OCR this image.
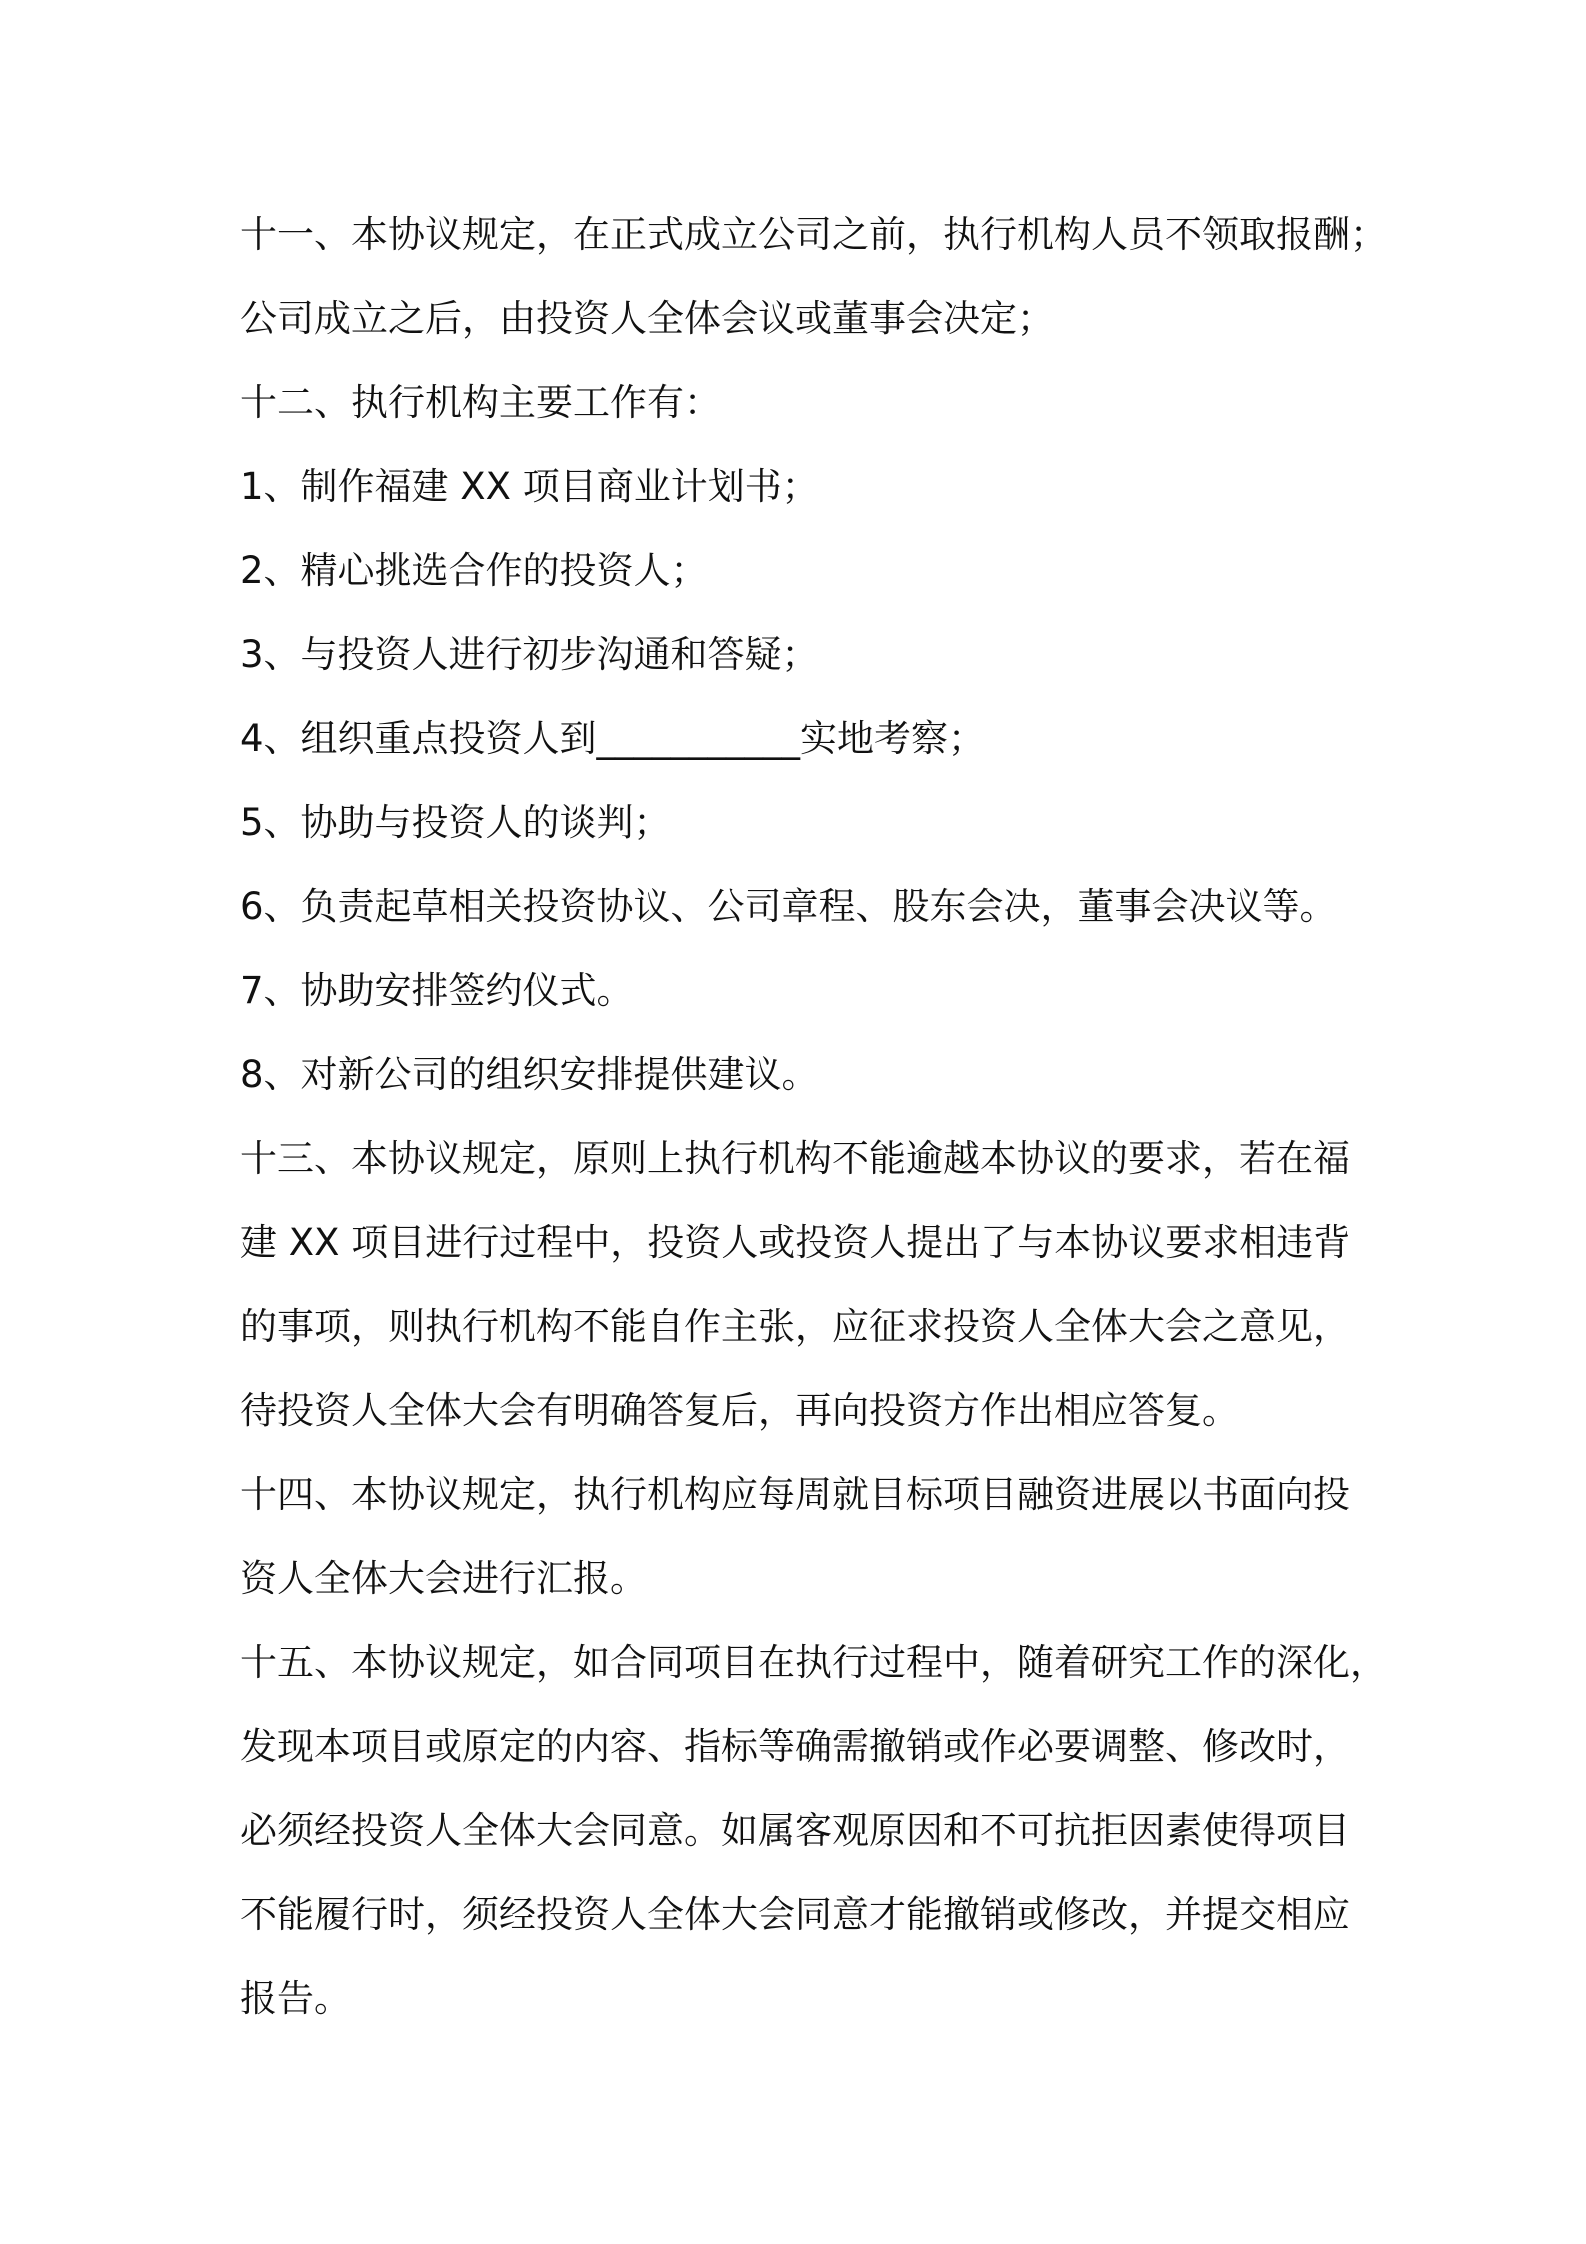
十一、本协议规定，在正式成立公司之前，执行机构人员不领取报酬；
公司成立之后，由投资人全体会议或董事会决定；
十二、执行机构主要工作有：
1、制作福建 XX 项目商业计划书；
2、精心挑选合作的投资人；
3、与投资人进行初步沟通和答疑；
4、组织重点投资人到___________实地考察；
5、协助与投资人的谈判；
6、负责起草相关投资协议、公司章程、股东会决，董事会决议等。
7、协助安排签约仪式。
8、对新公司的组织安排提供建议。
十三、本协议规定，原则上执行机构不能逾越本协议的要求，若在福
建 XX 项目进行过程中，投资人或投资人提出了与本协议要求相违背
的事项，则执行机构不能自作主张，应征求投资人全体大会之意见，
待投资人全体大会有明确答复后，再向投资方作出相应答复。
十四、本协议规定，执行机构应每周就目标项目融资进展以书面向投
资人全体大会进行汇报。
十五、本协议规定，如合同项目在执行过程中，随着研究工作的深化，
发现本项目或原定的内容、指标等确需撤销或作必要调整、修改时，
必须经投资人全体大会同意。如属客观原因和不可抗拒因素使得项目
不能履行时，须经投资人全体大会同意才能撤销或修改，并提交相应
报告。
